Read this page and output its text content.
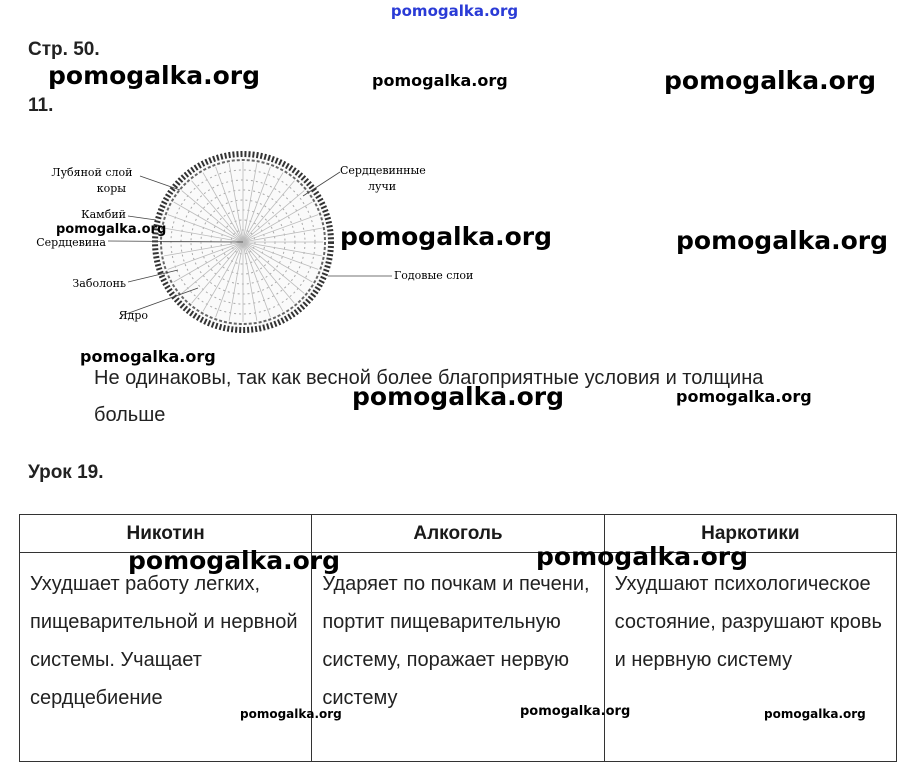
pomogalka.org
Стр. 50.
11.
Лубяной слой коры
Камбий
Сердцевина
Заболонь
Ядро
Сердцевинные лучи
Годовые слои
Не одинаковы, так как весной более благоприятные условия и толщина
больше
Урок 19.
Никотин	Алкоголь	Наркотики
Ухудшает работу легких, пищеварительной и нервной системы. Учащает сердцебиение	Ударяет по почкам и печени, портит пищеварительную систему, поражает нервую систему	Ухудшают психологическое состояние, разрушают кровь и нервную систему
pomogalka.org	pomogalka.org	pomogalka.org
pomogalka.org	pomogalka.org	pomogalka.org
pomogalka.org
pomogalka.org	pomogalka.org
pomogalka.org	pomogalka.org
pomogalka.org	pomogalka.org	pomogalka.org
